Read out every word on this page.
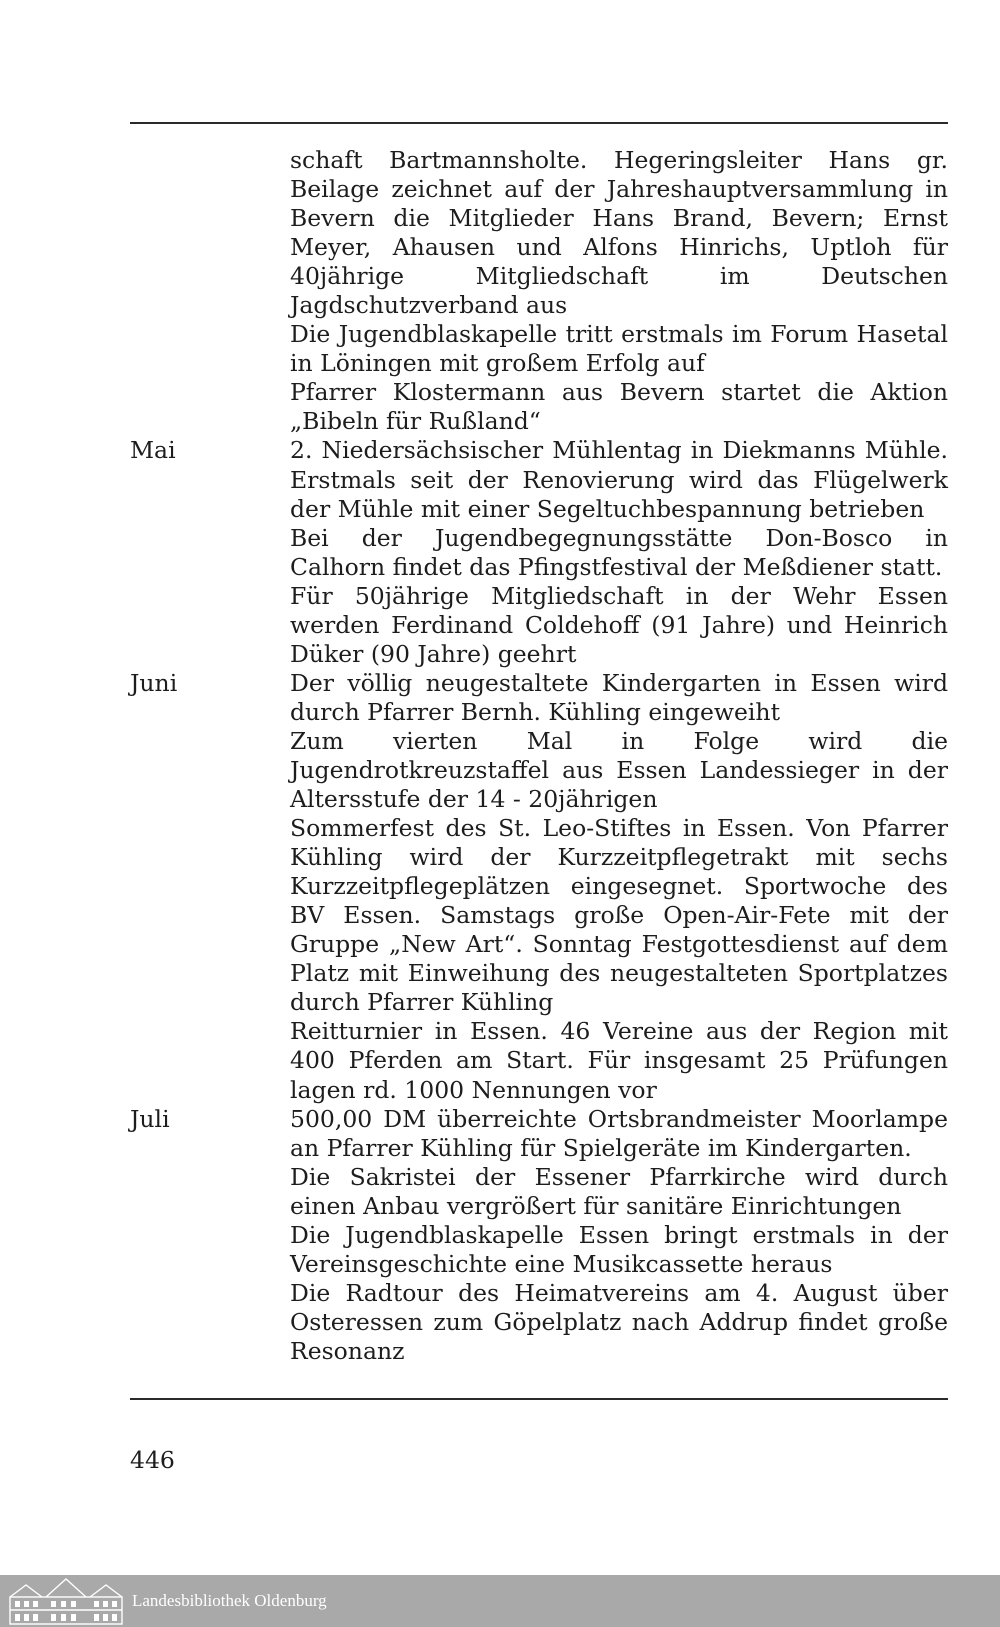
schaft Bartmannsholte. Hegeringsleiter Hans gr. Beilage zeichnet auf der Jahreshauptversammlung in Bevern die Mitglieder Hans Brand, Bevern; Ernst Meyer, Ahausen und Alfons Hinrichs, Uptloh für 40jährige Mitgliedschaft im Deutschen Jagdschutzverband aus
Die Jugendblaskapelle tritt erstmals im Forum Hasetal in Löningen mit großem Erfolg auf
Pfarrer Klostermann aus Bevern startet die Aktion „Bibeln für Rußland“
Mai	2. Niedersächsischer Mühlentag in Diekmanns Mühle. Erstmals seit der Renovierung wird das Flügelwerk der Mühle mit einer Segeltuchbespannung betrieben
Bei der Jugendbegegnungsstätte Don-Bosco in Calhorn findet das Pfingstfestival der Meßdiener statt.
Für 50jährige Mitgliedschaft in der Wehr Essen werden Ferdinand Coldehoff (91 Jahre) und Heinrich Düker (90 Jahre) geehrt
Juni	Der völlig neugestaltete Kindergarten in Essen wird durch Pfarrer Bernh. Kühling eingeweiht
Zum vierten Mal in Folge wird die Jugendrotkreuzstaffel aus Essen Landessieger in der Altersstufe der 14 - 20jährigen
Sommerfest des St. Leo-Stiftes in Essen. Von Pfarrer Kühling wird der Kurzzeitpflegetrakt mit sechs Kurzzeitpflegeplätzen eingesegnet. Sportwoche des BV Essen. Samstags große Open-Air-Fete mit der Gruppe „New Art“. Sonntag Festgottesdienst auf dem Platz mit Einweihung des neugestalteten Sportplatzes durch Pfarrer Kühling
Reitturnier in Essen. 46 Vereine aus der Region mit 400 Pferden am Start. Für insgesamt 25 Prüfungen lagen rd. 1000 Nennungen vor
Juli	500,00 DM überreichte Ortsbrandmeister Moorlampe an Pfarrer Kühling für Spielgeräte im Kindergarten.
Die Sakristei der Essener Pfarrkirche wird durch einen Anbau vergrößert für sanitäre Einrichtungen
Die Jugendblaskapelle Essen bringt erstmals in der Vereinsgeschichte eine Musikcassette heraus
Die Radtour des Heimatvereins am 4. August über Osteressen zum Göpelplatz nach Addrup findet große Resonanz
446
Landesbibliothek Oldenburg
